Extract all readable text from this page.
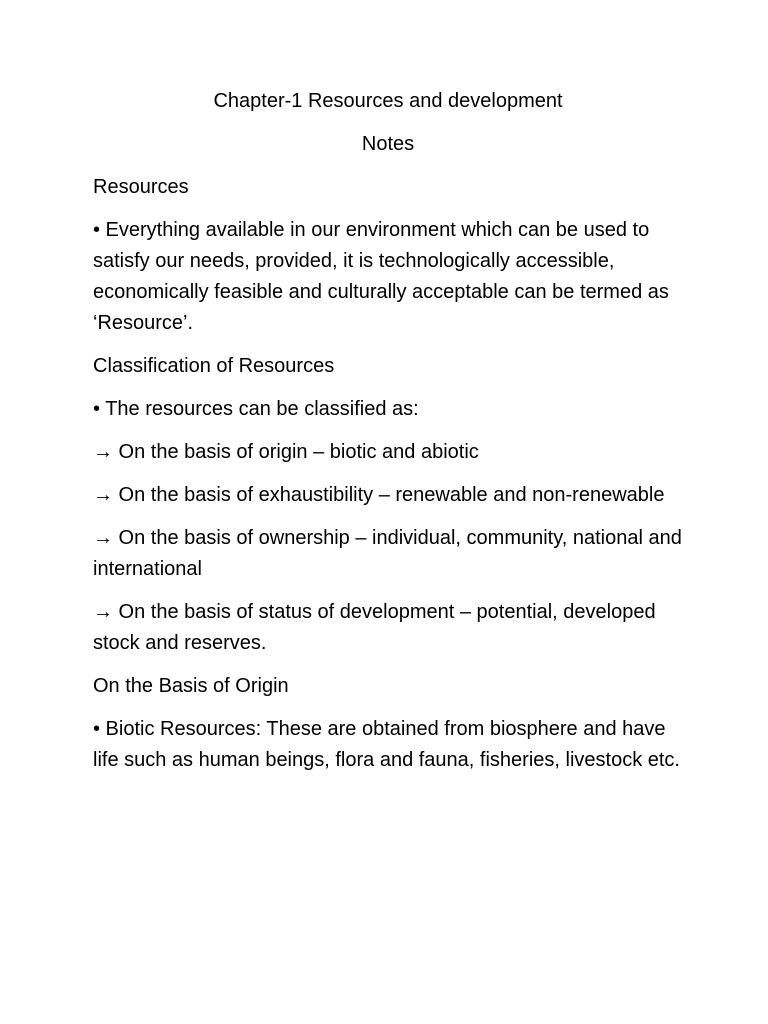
Chapter-1 Resources and development

Notes

Resources

• Everything available in our environment which can be used to satisfy our needs, provided, it is technologically accessible, economically feasible and culturally acceptable can be termed as ‘Resource’.

Classification of Resources

• The resources can be classified as:

→ On the basis of origin – biotic and abiotic

→ On the basis of exhaustibility – renewable and non-renewable

→ On the basis of ownership – individual, community, national and international

→ On the basis of status of development – potential, developed stock and reserves.

On the Basis of Origin

• Biotic Resources: These are obtained from biosphere and have life such as human beings, flora and fauna, fisheries, livestock etc.
